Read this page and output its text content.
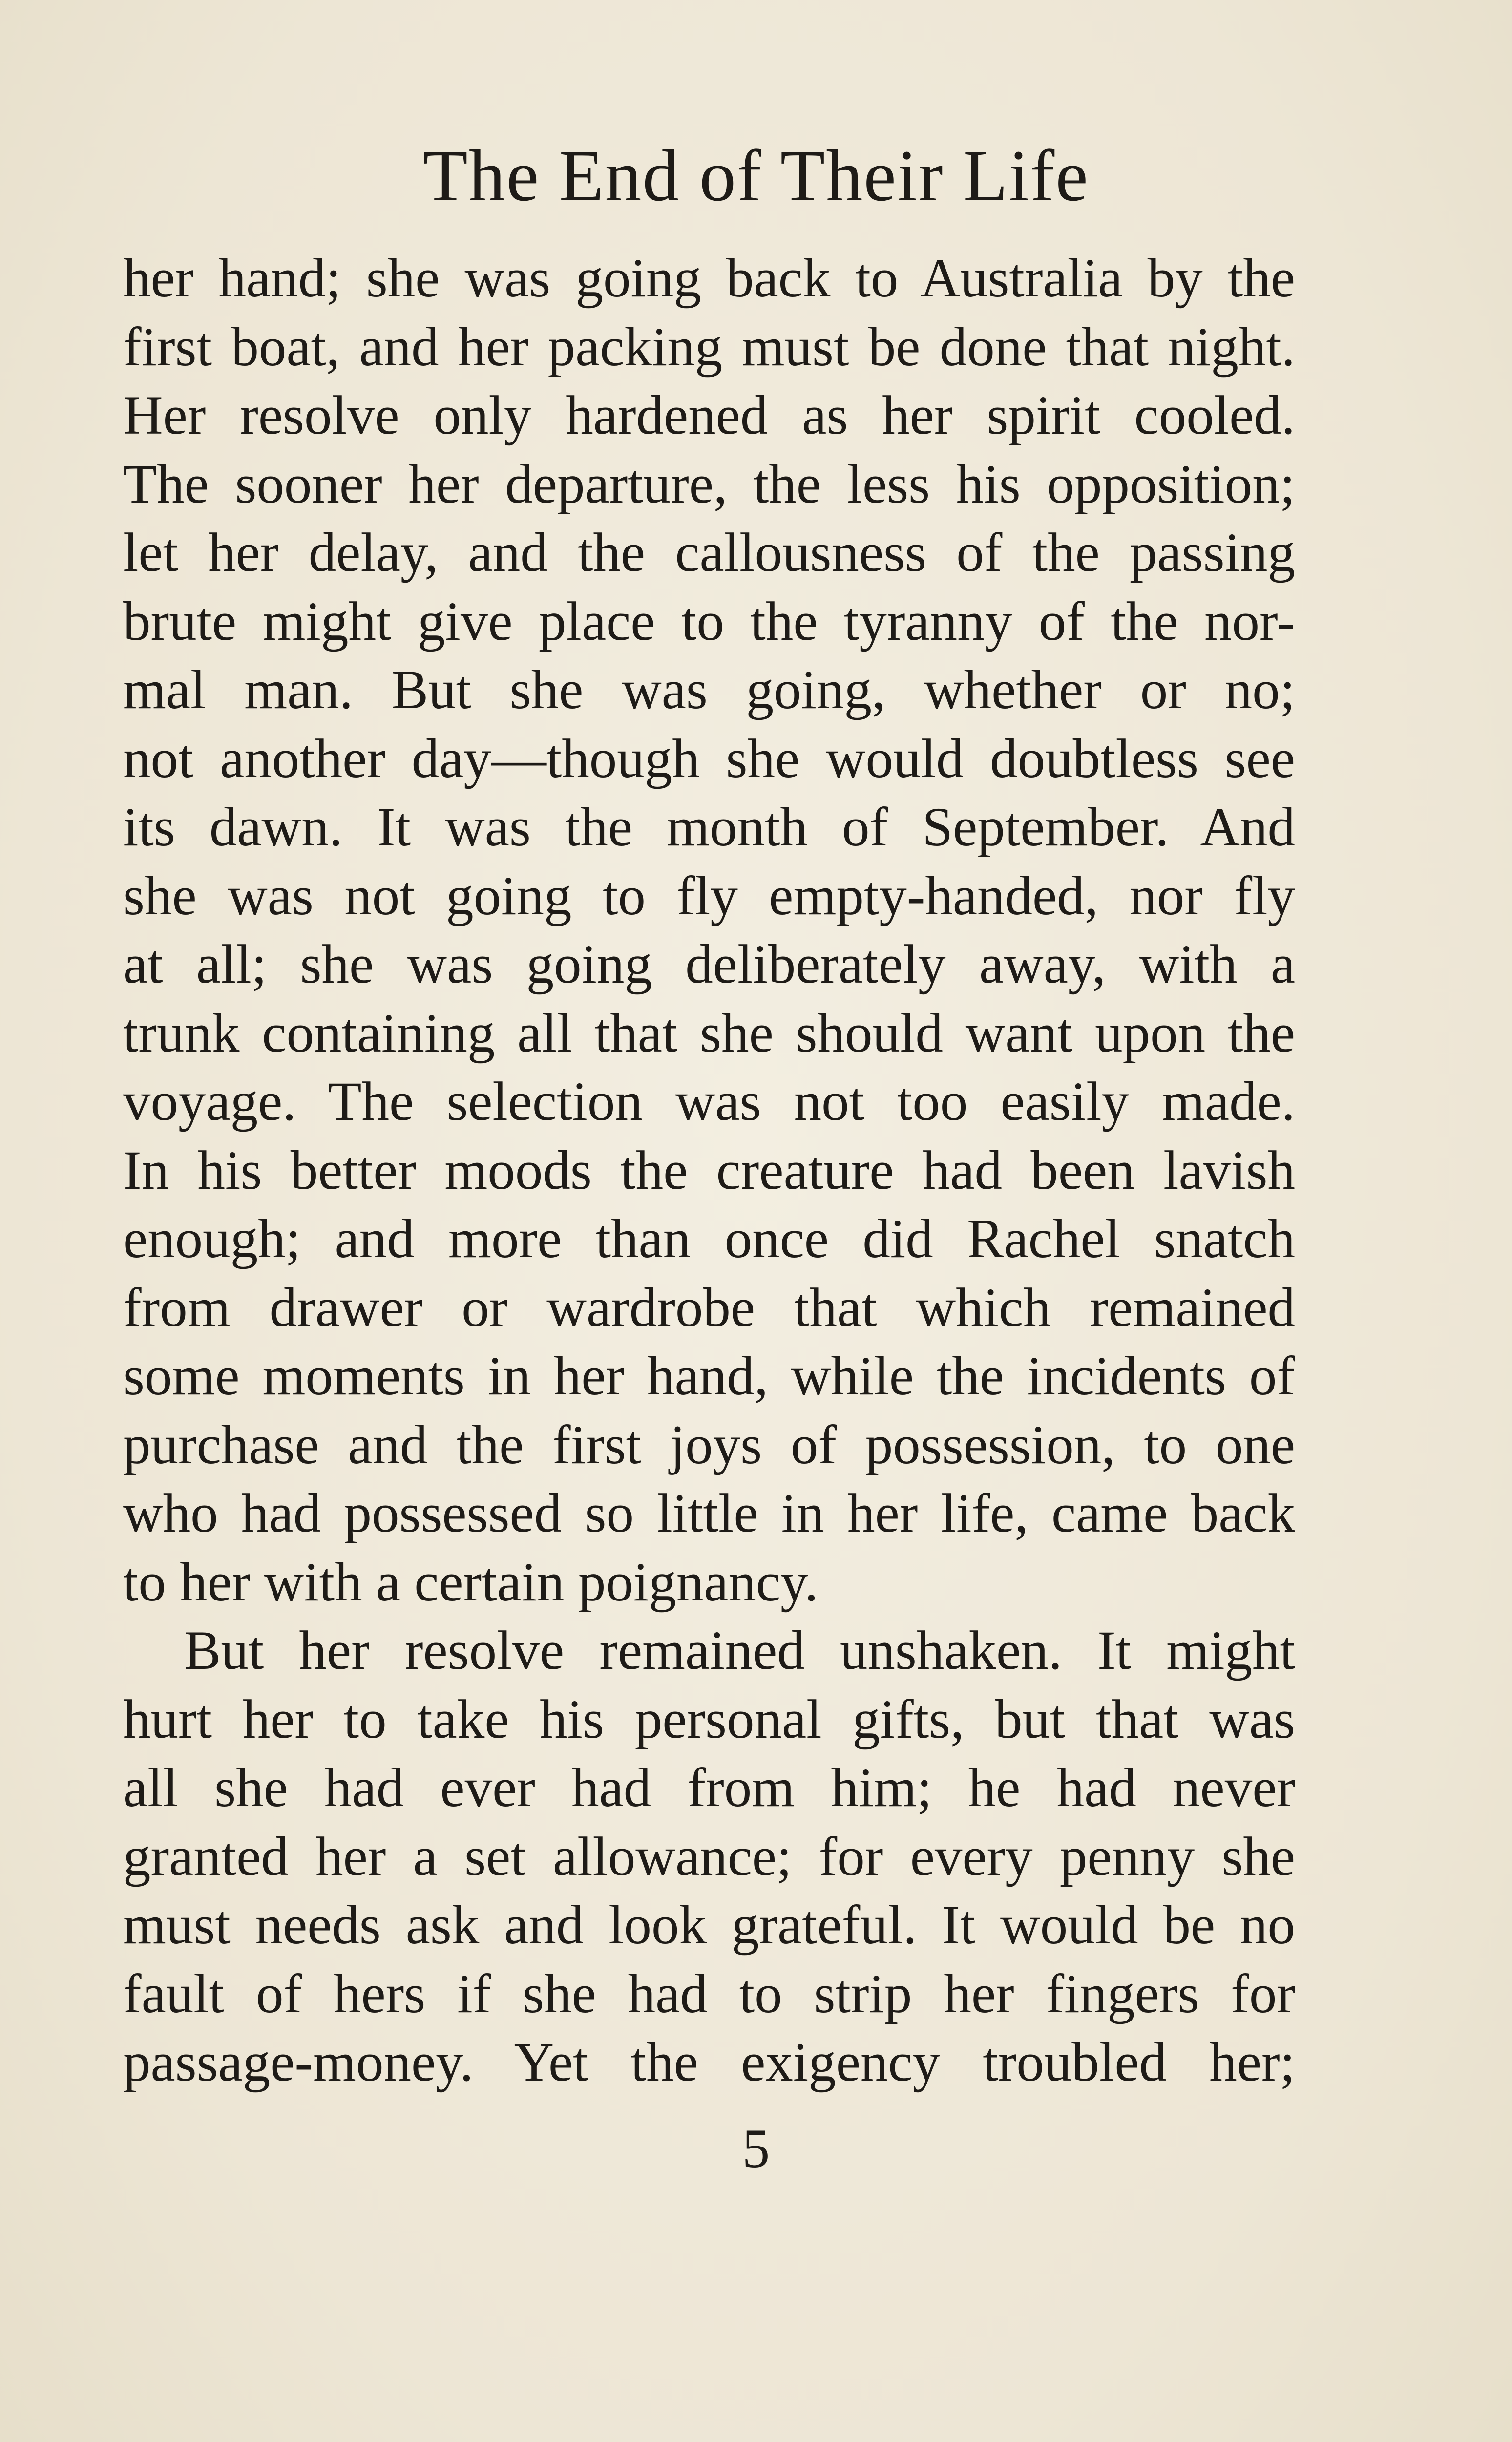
The End of Their Life
her hand; she was going back to Australia by the
first boat, and her packing must be done that night.
Her resolve only hardened as her spirit cooled.
The sooner her departure, the less his opposition;
let her delay, and the callousness of the passing
brute might give place to the tyranny of the nor-
mal man. But she was going, whether or no;
not another day—though she would doubtless see
its dawn. It was the month of September. And
she was not going to fly empty-handed, nor fly
at all; she was going deliberately away, with a
trunk containing all that she should want upon the
voyage. The selection was not too easily made.
In his better moods the creature had been lavish
enough; and more than once did Rachel snatch
from drawer or wardrobe that which remained
some moments in her hand, while the incidents of
purchase and the first joys of possession, to one
who had possessed so little in her life, came back
to her with a certain poignancy.
But her resolve remained unshaken. It might
hurt her to take his personal gifts, but that was
all she had ever had from him; he had never
granted her a set allowance; for every penny she
must needs ask and look grateful. It would be no
fault of hers if she had to strip her fingers for
passage-money. Yet the exigency troubled her;
5
